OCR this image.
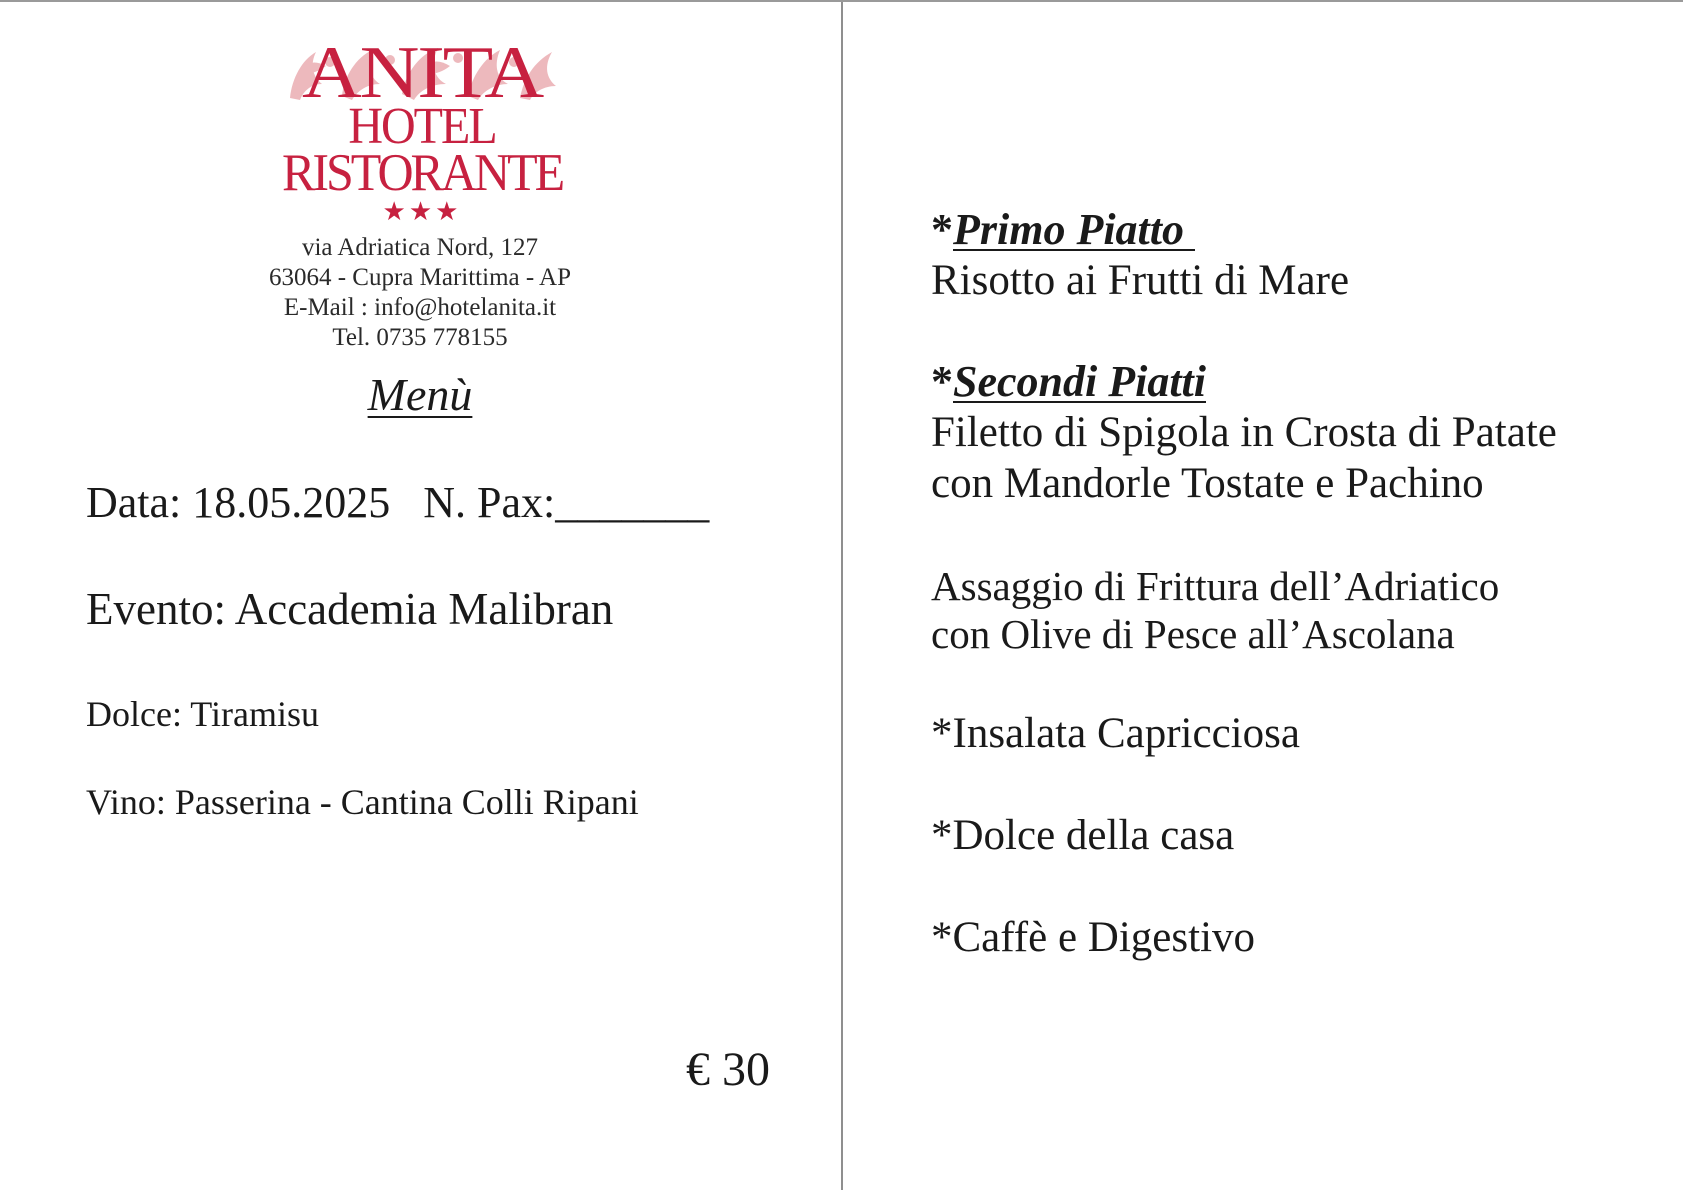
ANITA
HOTEL
RISTORANTE
★★★
via Adriatica Nord, 127
63064 - Cupra Marittima - AP
E-Mail : info@hotelanita.it
Tel. 0735 778155
Menù
Data: 18.05.2025   N. Pax:_______
Evento: Accademia Malibran
Dolce: Tiramisu
Vino: Passerina - Cantina Colli Ripani
€ 30
*Primo Piatto
Risotto ai Frutti di Mare
*Secondi Piatti
Filetto di Spigola in Crosta di Patate
con Mandorle Tostate e Pachino
Assaggio di Frittura dell’Adriatico
con Olive di Pesce all’Ascolana
*Insalata Capricciosa
*Dolce della casa
*Caffè e Digestivo
